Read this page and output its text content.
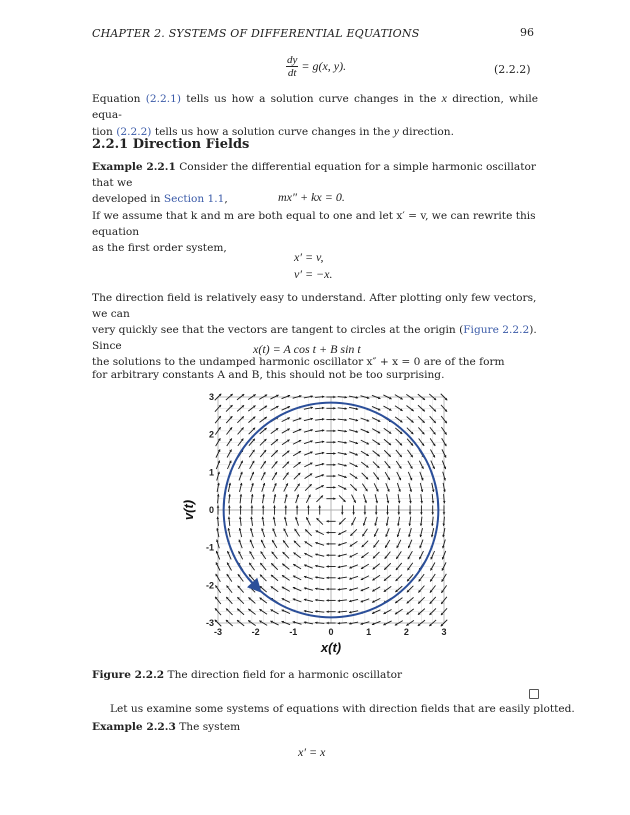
CHAPTER 2. SYSTEMS OF DIFFERENTIAL EQUATIONS	96
$\frac{dy}{dt} = g(x$, y).	(2.2.2)
Equation (2.2.1) tells us how a solution curve changes in the x direction, while equa-
tion (2.2.2) tells us how a solution curve changes in the y direction.
2.2.1 Direction Fields
Example 2.2.1 Consider the differential equation for a simple harmonic oscillator that we
developed in Section 1.1,	mx″ + kx = 0.
If we assume that k and m are both equal to one and let x′ = v, we can rewrite this equation
as the first order system,
x′ = v,
v′ = −x.
The direction field is relatively easy to understand. After plotting only few vectors, we can
very quickly see that the vectors are tangent to circles at the origin (Figure 2.2.2). Since
the solutions to the undamped harmonic oscillator x″ + x = 0 are of the form
x(t) = A cos t + B sin t
for arbitrary constants A and B, this should not be too surprising.
-3	-2	-1	0	1	2	3
3
2
1
0
-1
-2
-3
x(t)
v(t)
Figure 2.2.2 The direction field for a harmonic oscillator
Let us examine some systems of equations with direction fields that are easily plotted.
Example 2.2.3 The system
x′ = x
